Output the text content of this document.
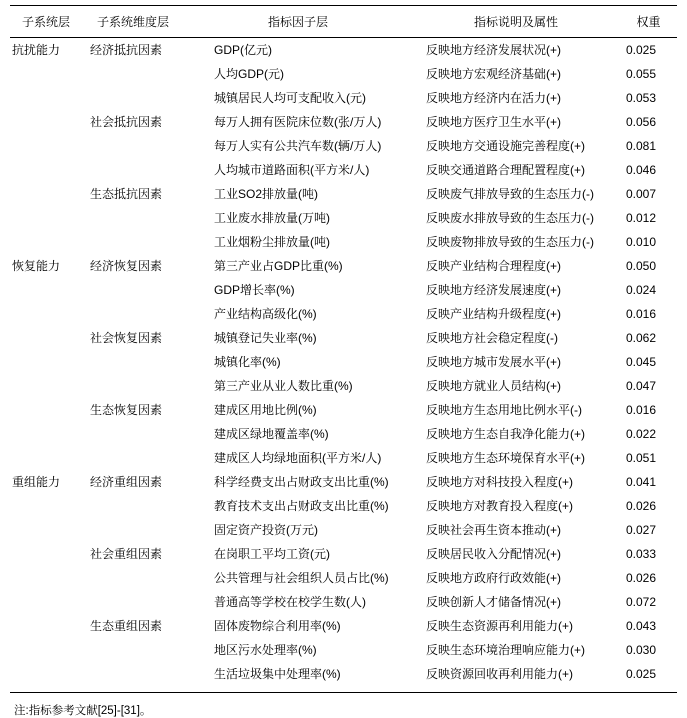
子系统层	子系统维度层	指标因子层	指标说明及属性	权重
抗扰能力	经济抵抗因素	GDP(亿元)	反映地方经济发展状况(+)	0.025
		人均GDP(元)	反映地方宏观经济基础(+)	0.055
		城镇居民人均可支配收入(元)	反映地方经济内在活力(+)	0.053
	社会抵抗因素	每万人拥有医院床位数(张/万人)	反映地方医疗卫生水平(+)	0.056
		每万人实有公共汽车数(辆/万人)	反映地方交通设施完善程度(+)	0.081
		人均城市道路面积(平方米/人)	反映交通道路合理配置程度(+)	0.046
	生态抵抗因素	工业SO2排放量(吨)	反映废气排放导致的生态压力(-)	0.007
		工业废水排放量(万吨)	反映废水排放导致的生态压力(-)	0.012
		工业烟粉尘排放量(吨)	反映废物排放导致的生态压力(-)	0.010
恢复能力	经济恢复因素	第三产业占GDP比重(%)	反映产业结构合理程度(+)	0.050
		GDP增长率(%)	反映地方经济发展速度(+)	0.024
		产业结构高级化(%)	反映产业结构升级程度(+)	0.016
	社会恢复因素	城镇登记失业率(%)	反映地方社会稳定程度(-)	0.062
		城镇化率(%)	反映地方城市发展水平(+)	0.045
		第三产业从业人数比重(%)	反映地方就业人员结构(+)	0.047
	生态恢复因素	建成区用地比例(%)	反映地方生态用地比例水平(-)	0.016
		建成区绿地覆盖率(%)	反映地方生态自我净化能力(+)	0.022
		建成区人均绿地面积(平方米/人)	反映地方生态环境保育水平(+)	0.051
重组能力	经济重组因素	科学经费支出占财政支出比重(%)	反映地方对科技投入程度(+)	0.041
		教育技术支出占财政支出比重(%)	反映地方对教育投入程度(+)	0.026
		固定资产投资(万元)	反映社会再生资本推动(+)	0.027
	社会重组因素	在岗职工平均工资(元)	反映居民收入分配情况(+)	0.033
		公共管理与社会组织人员占比(%)	反映地方政府行政效能(+)	0.026
		普通高等学校在校学生数(人)	反映创新人才储备情况(+)	0.072
	生态重组因素	固体废物综合利用率(%)	反映生态资源再利用能力(+)	0.043
		地区污水处理率(%)	反映生态环境治理响应能力(+)	0.030
		生活垃圾集中处理率(%)	反映资源回收再利用能力(+)	0.025
注:指标参考文献[25]-[31]。
